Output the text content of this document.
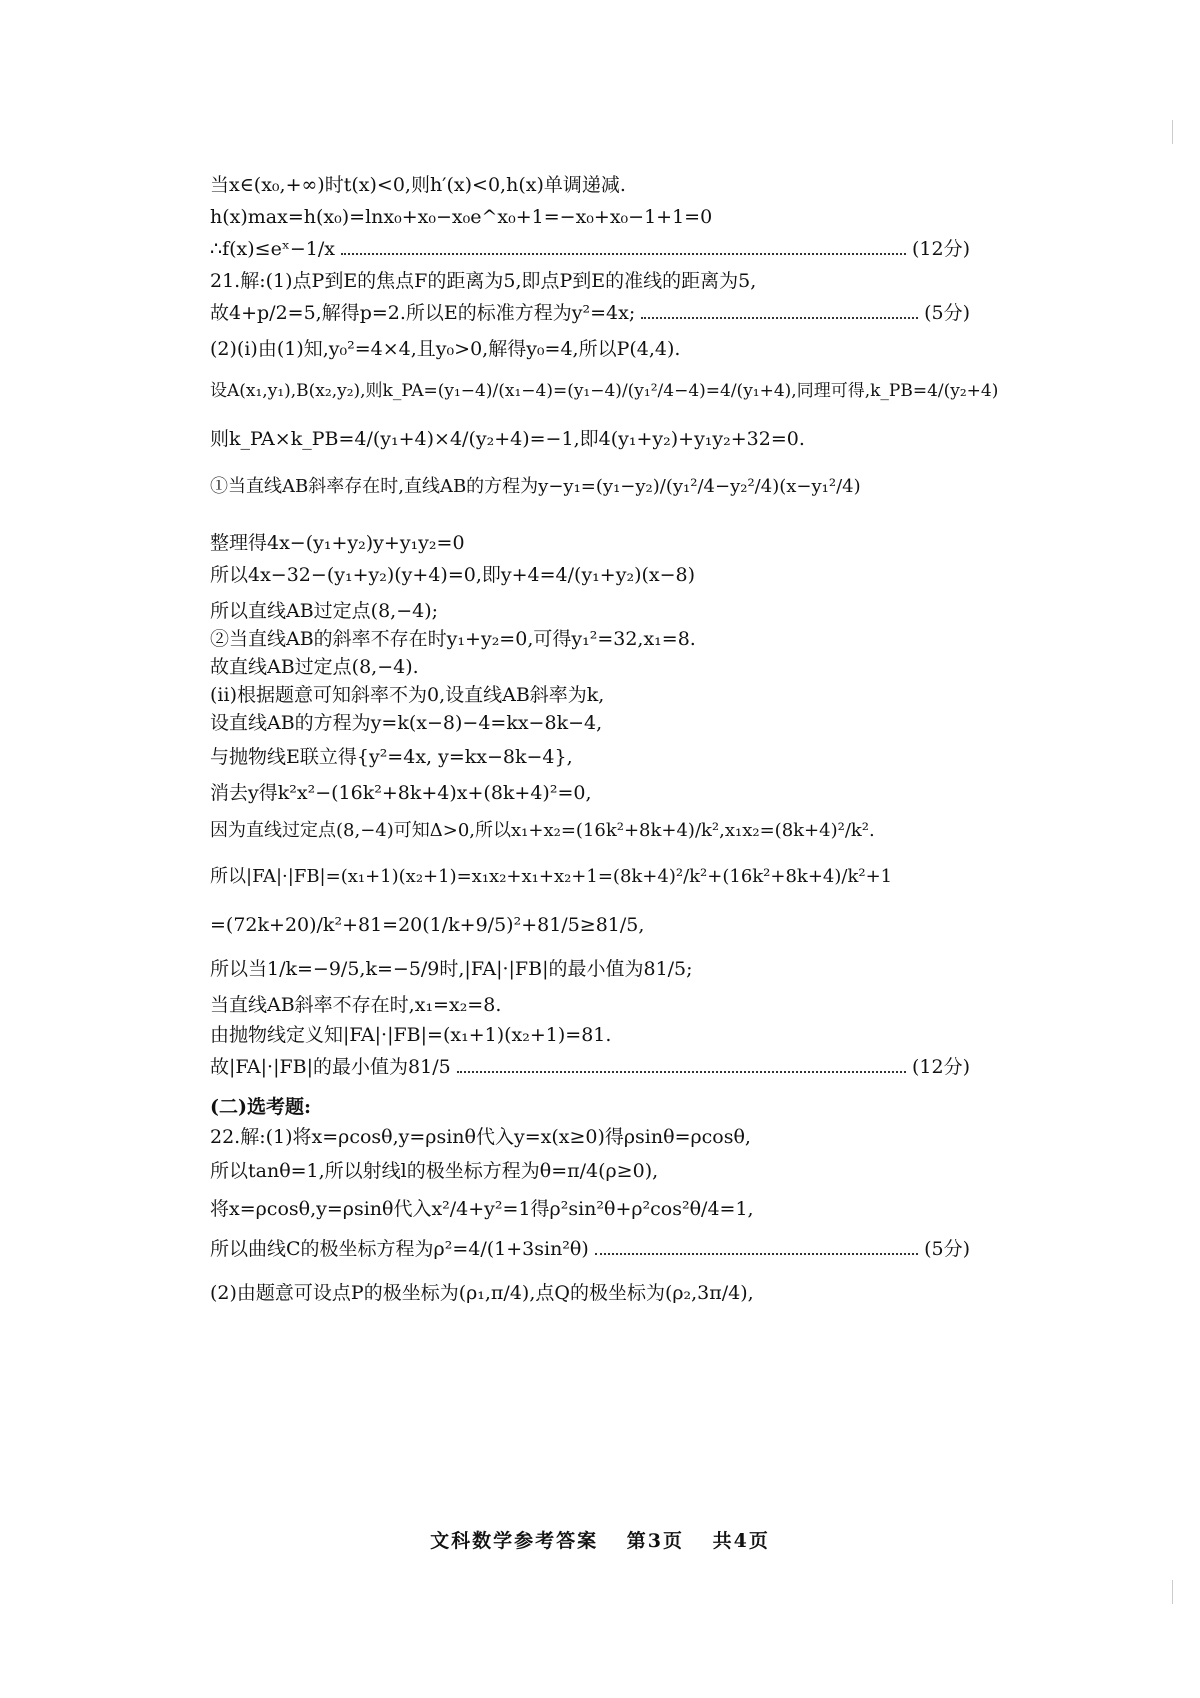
当x∈(x₀,+∞)时t(x)<0,则h′(x)<0,h(x)单调递减.
h(x)max=h(x₀)=lnx₀+x₀−x₀e^x₀+1=−x₀+x₀−1+1=0
∴f(x)≤eˣ−1/x	(12分)
21.解:(1)点P到E的焦点F的距离为5,即点P到E的准线的距离为5,
故4+p/2=5,解得p=2.所以E的标准方程为y²=4x;	(5分)
(2)(i)由(1)知,y₀²=4×4,且y₀>0,解得y₀=4,所以P(4,4).
设A(x₁,y₁),B(x₂,y₂),则k_PA=(y₁−4)/(x₁−4)=(y₁−4)/(y₁²/4−4)=4/(y₁+4),同理可得,k_PB=4/(y₂+4)
则k_PA×k_PB=4/(y₁+4)×4/(y₂+4)=−1,即4(y₁+y₂)+y₁y₂+32=0.
①当直线AB斜率存在时,直线AB的方程为y−y₁=(y₁−y₂)/(y₁²/4−y₂²/4)(x−y₁²/4)
整理得4x−(y₁+y₂)y+y₁y₂=0
所以4x−32−(y₁+y₂)(y+4)=0,即y+4=4/(y₁+y₂)(x−8)
所以直线AB过定点(8,−4);
②当直线AB的斜率不存在时y₁+y₂=0,可得y₁²=32,x₁=8.
故直线AB过定点(8,−4).
(ii)根据题意可知斜率不为0,设直线AB斜率为k,
设直线AB的方程为y=k(x−8)−4=kx−8k−4,
与抛物线E联立得{y²=4x, y=kx−8k−4},
消去y得k²x²−(16k²+8k+4)x+(8k+4)²=0,
因为直线过定点(8,−4)可知Δ>0,所以x₁+x₂=(16k²+8k+4)/k²,x₁x₂=(8k+4)²/k².
所以|FA|·|FB|=(x₁+1)(x₂+1)=x₁x₂+x₁+x₂+1=(8k+4)²/k²+(16k²+8k+4)/k²+1
=(72k+20)/k²+81=20(1/k+9/5)²+81/5≥81/5,
所以当1/k=−9/5,k=−5/9时,|FA|·|FB|的最小值为81/5;
当直线AB斜率不存在时,x₁=x₂=8.
由抛物线定义知|FA|·|FB|=(x₁+1)(x₂+1)=81.
故|FA|·|FB|的最小值为81/5	(12分)
(二)选考题:
22.解:(1)将x=ρcosθ,y=ρsinθ代入y=x(x≥0)得ρsinθ=ρcosθ,
所以tanθ=1,所以射线l的极坐标方程为θ=π/4(ρ≥0),
将x=ρcosθ,y=ρsinθ代入x²/4+y²=1得ρ²sin²θ+ρ²cos²θ/4=1,
所以曲线C的极坐标方程为ρ²=4/(1+3sin²θ)	(5分)
(2)由题意可设点P的极坐标为(ρ₁,π/4),点Q的极坐标为(ρ₂,3π/4),
文科数学参考答案 第3页 共4页
